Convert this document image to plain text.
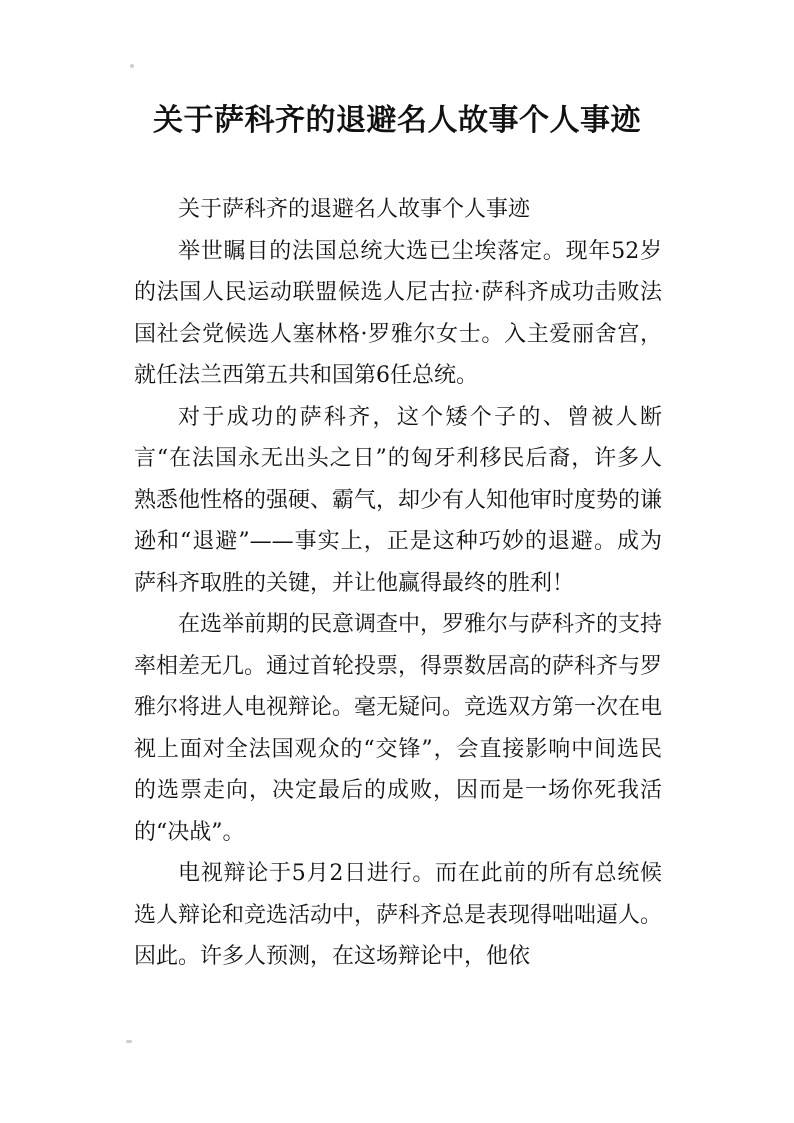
关于萨科齐的退避名人故事个人事迹

关于萨科齐的退避名人故事个人事迹

举世瞩目的法国总统大选已尘埃落定。现年52岁的法国人民运动联盟候选人尼古拉·萨科齐成功击败法国社会党候选人塞林格·罗雅尔女士。入主爱丽舍宫，就任法兰西第五共和国第6任总统。

对于成功的萨科齐，这个矮个子的、曾被人断言“在法国永无出头之日”的匈牙利移民后裔，许多人熟悉他性格的强硬、霸气，却少有人知他审时度势的谦逊和“退避”——事实上，正是这种巧妙的退避。成为萨科齐取胜的关键，并让他赢得最终的胜利！

在选举前期的民意调查中，罗雅尔与萨科齐的支持率相差无几。通过首轮投票，得票数居高的萨科齐与罗雅尔将进人电视辩论。毫无疑问。竞选双方第一次在电视上面对全法国观众的“交锋”，会直接影响中间选民的选票走向，决定最后的成败，因而是一场你死我活的“决战”。

电视辩论于5月2日进行。而在此前的所有总统候选人辩论和竞选活动中，萨科齐总是表现得咄咄逼人。因此。许多人预测，在这场辩论中，他依
